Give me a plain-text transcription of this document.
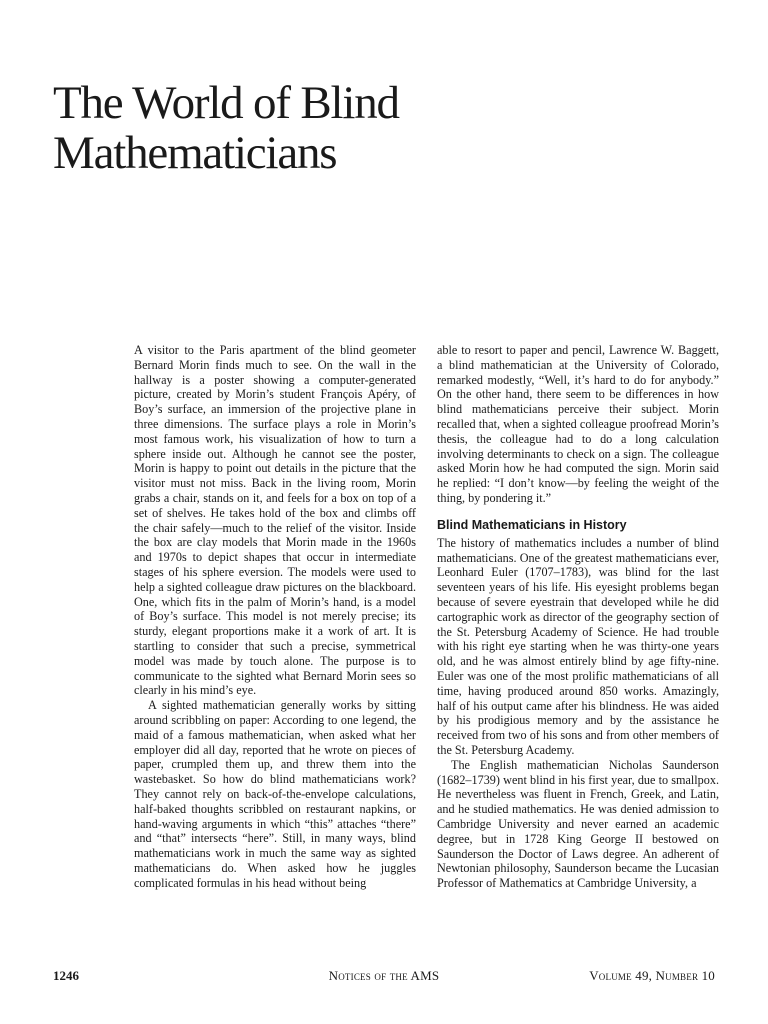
The World of Blind
Mathematicians

A visitor to the Paris apartment of the blind geometer Bernard Morin finds much to see. On the wall in the hallway is a poster showing a computer-generated picture, created by Morin’s student François Apéry, of Boy’s surface, an immersion of the projective plane in three dimensions. The surface plays a role in Morin’s most famous work, his visualization of how to turn a sphere inside out. Although he cannot see the poster, Morin is happy to point out details in the picture that the visitor must not miss. Back in the living room, Morin grabs a chair, stands on it, and feels for a box on top of a set of shelves. He takes hold of the box and climbs off the chair safely—much to the relief of the visitor. Inside the box are clay models that Morin made in the 1960s and 1970s to depict shapes that occur in intermediate stages of his sphere eversion. The models were used to help a sighted colleague draw pictures on the blackboard. One, which fits in the palm of Morin’s hand, is a model of Boy’s surface. This model is not merely precise; its sturdy, elegant proportions make it a work of art. It is startling to consider that such a precise, symmetrical model was made by touch alone. The purpose is to communicate to the sighted what Bernard Morin sees so clearly in his mind’s eye.

A sighted mathematician generally works by sitting around scribbling on paper: According to one legend, the maid of a famous mathematician, when asked what her employer did all day, reported that he wrote on pieces of paper, crumpled them up, and threw them into the wastebasket. So how do blind mathematicians work? They cannot rely on back-of-the-envelope calculations, half-baked thoughts scribbled on restaurant napkins, or hand-waving arguments in which “this” attaches “there” and “that” intersects “here”. Still, in many ways, blind mathematicians work in much the same way as sighted mathematicians do. When asked how he juggles complicated formulas in his head without being

able to resort to paper and pencil, Lawrence W. Baggett, a blind mathematician at the University of Colorado, remarked modestly, “Well, it’s hard to do for anybody.” On the other hand, there seem to be differences in how blind mathematicians perceive their subject. Morin recalled that, when a sighted colleague proofread Morin’s thesis, the colleague had to do a long calculation involving determinants to check on a sign. The colleague asked Morin how he had computed the sign. Morin said he replied: “I don’t know—by feeling the weight of the thing, by pondering it.”

Blind Mathematicians in History

The history of mathematics includes a number of blind mathematicians. One of the greatest mathematicians ever, Leonhard Euler (1707–1783), was blind for the last seventeen years of his life. His eyesight problems began because of severe eyestrain that developed while he did cartographic work as director of the geography section of the St. Petersburg Academy of Science. He had trouble with his right eye starting when he was thirty-one years old, and he was almost entirely blind by age fifty-nine. Euler was one of the most prolific mathematicians of all time, having produced around 850 works. Amazingly, half of his output came after his blindness. He was aided by his prodigious memory and by the assistance he received from two of his sons and from other members of the St. Petersburg Academy.

The English mathematician Nicholas Saunderson (1682–1739) went blind in his first year, due to smallpox. He nevertheless was fluent in French, Greek, and Latin, and he studied mathematics. He was denied admission to Cambridge University and never earned an academic degree, but in 1728 King George II bestowed on Saunderson the Doctor of Laws degree. An adherent of Newtonian philosophy, Saunderson became the Lucasian Professor of Mathematics at Cambridge University, a

1246	Notices of the AMS	Volume 49, Number 10
